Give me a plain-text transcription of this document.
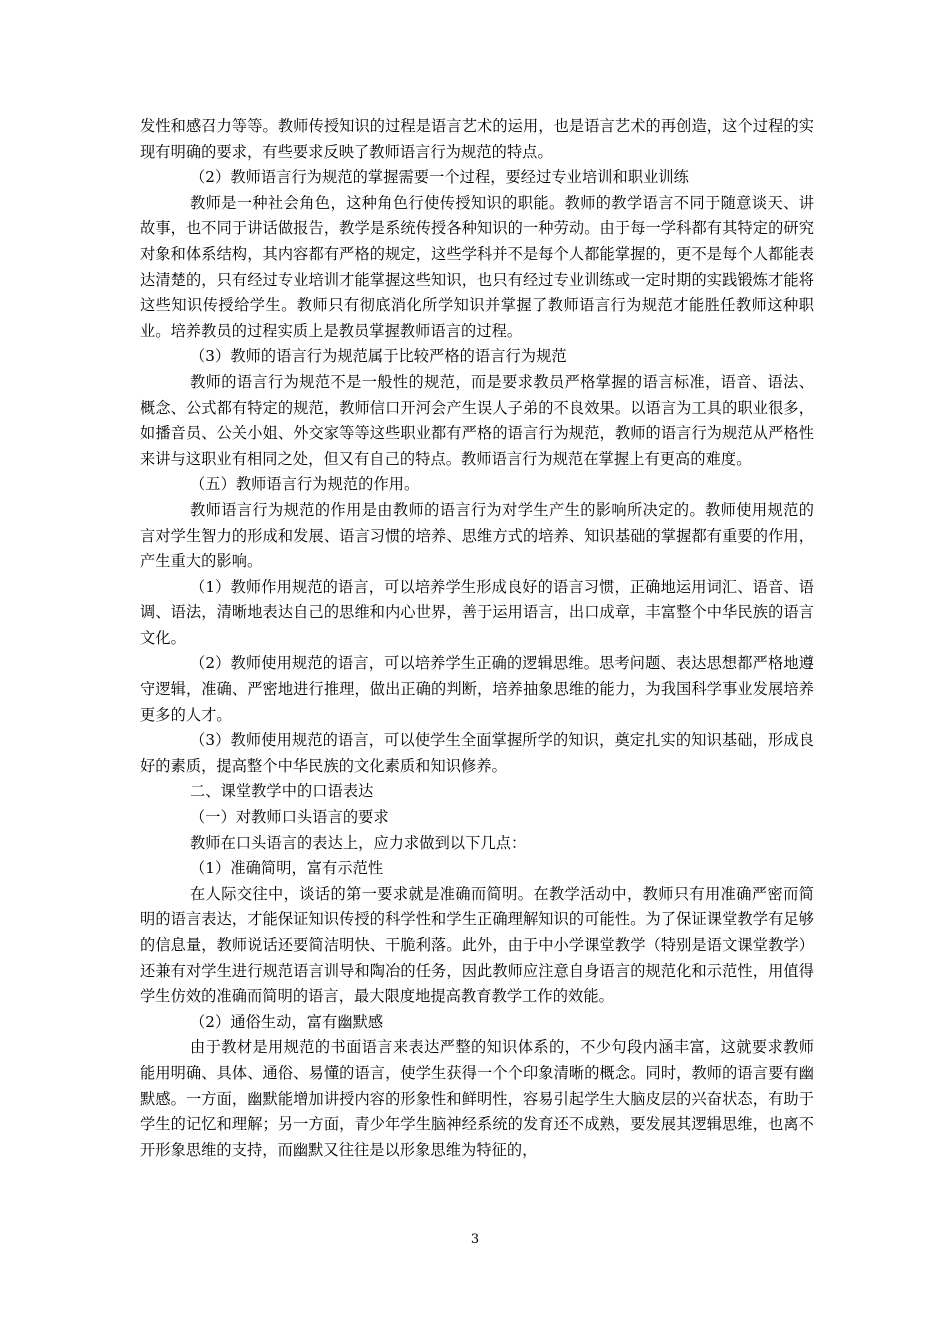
发性和感召力等等。教师传授知识的过程是语言艺术的运用，也是语言艺术的再创造，这个过程的实现有明确的要求，有些要求反映了教师语言行为规范的特点。

（2）教师语言行为规范的掌握需要一个过程，要经过专业培训和职业训练

教师是一种社会角色，这种角色行使传授知识的职能。教师的教学语言不同于随意谈天、讲故事，也不同于讲话做报告，教学是系统传授各种知识的一种劳动。由于每一学科都有其特定的研究对象和体系结构，其内容都有严格的规定，这些学科并不是每个人都能掌握的，更不是每个人都能表达清楚的，只有经过专业培训才能掌握这些知识，也只有经过专业训练或一定时期的实践锻炼才能将这些知识传授给学生。教师只有彻底消化所学知识并掌握了教师语言行为规范才能胜任教师这种职业。培养教员的过程实质上是教员掌握教师语言的过程。

（3）教师的语言行为规范属于比较严格的语言行为规范

教师的语言行为规范不是一般性的规范，而是要求教员严格掌握的语言标准，语音、语法、概念、公式都有特定的规范，教师信口开河会产生误人子弟的不良效果。以语言为工具的职业很多，如播音员、公关小姐、外交家等等这些职业都有严格的语言行为规范，教师的语言行为规范从严格性来讲与这职业有相同之处，但又有自己的特点。教师语言行为规范在掌握上有更高的难度。

（五）教师语言行为规范的作用。

教师语言行为规范的作用是由教师的语言行为对学生产生的影响所决定的。教师使用规范的言对学生智力的形成和发展、语言习惯的培养、思维方式的培养、知识基础的掌握都有重要的作用，产生重大的影响。

（1）教师作用规范的语言，可以培养学生形成良好的语言习惯，正确地运用词汇、语音、语调、语法，清晰地表达自己的思维和内心世界，善于运用语言，出口成章，丰富整个中华民族的语言文化。

（2）教师使用规范的语言，可以培养学生正确的逻辑思维。思考问题、表达思想都严格地遵守逻辑，准确、严密地进行推理，做出正确的判断，培养抽象思维的能力，为我国科学事业发展培养更多的人才。

（3）教师使用规范的语言，可以使学生全面掌握所学的知识，奠定扎实的知识基础，形成良好的素质，提高整个中华民族的文化素质和知识修养。

二、课堂教学中的口语表达

（一）对教师口头语言的要求

教师在口头语言的表达上，应力求做到以下几点：

（1）准确简明，富有示范性

在人际交往中，谈话的第一要求就是准确而简明。在教学活动中，教师只有用准确严密而简明的语言表达，才能保证知识传授的科学性和学生正确理解知识的可能性。为了保证课堂教学有足够的信息量，教师说话还要简洁明快、干脆利落。此外，由于中小学课堂教学（特别是语文课堂教学）还兼有对学生进行规范语言训导和陶冶的任务，因此教师应注意自身语言的规范化和示范性，用值得学生仿效的准确而简明的语言，最大限度地提高教育教学工作的效能。

（2）通俗生动，富有幽默感

由于教材是用规范的书面语言来表达严整的知识体系的，不少句段内涵丰富，这就要求教师能用明确、具体、通俗、易懂的语言，使学生获得一个个印象清晰的概念。同时，教师的语言要有幽默感。一方面，幽默能增加讲授内容的形象性和鲜明性，容易引起学生大脑皮层的兴奋状态，有助于学生的记忆和理解；另一方面，青少年学生脑神经系统的发育还不成熟，要发展其逻辑思维，也离不开形象思维的支持，而幽默又往往是以形象思维为特征的，

3
